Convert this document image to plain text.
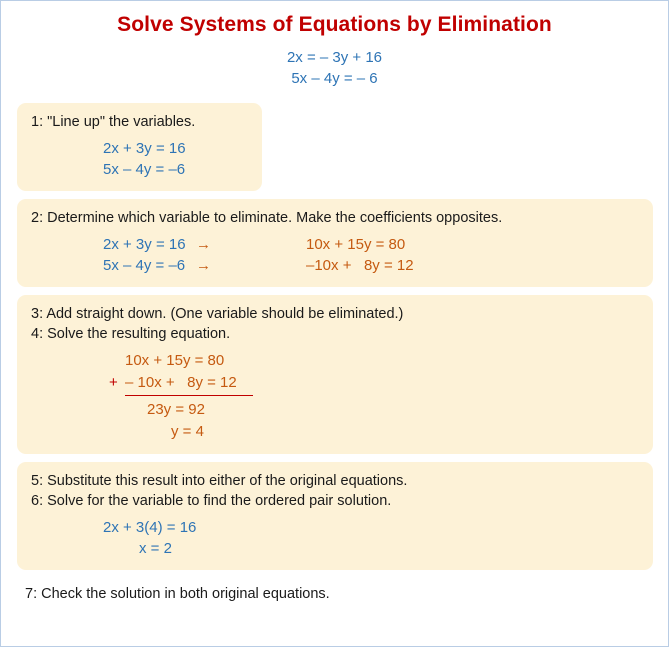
Solve Systems of Equations by Elimination
2x = – 3y + 16
5x – 4y = – 6
1: "Line up" the variables.
2x + 3y = 16
5x – 4y = –6
2: Determine which variable to eliminate. Make the coefficients opposites.
2x + 3y = 16 →	10x + 15y = 80
5x – 4y = –6 →	–10x +   8y = 12
3: Add straight down. (One variable should be eliminated.)
4: Solve the resulting equation.
10x + 15y = 80
+ – 10x +   8y = 12
23y = 92
y = 4
5: Substitute this result into either of the original equations.
6: Solve for the variable to find the ordered pair solution.
2x + 3(4) = 16
x = 2
7: Check the solution in both original equations.
